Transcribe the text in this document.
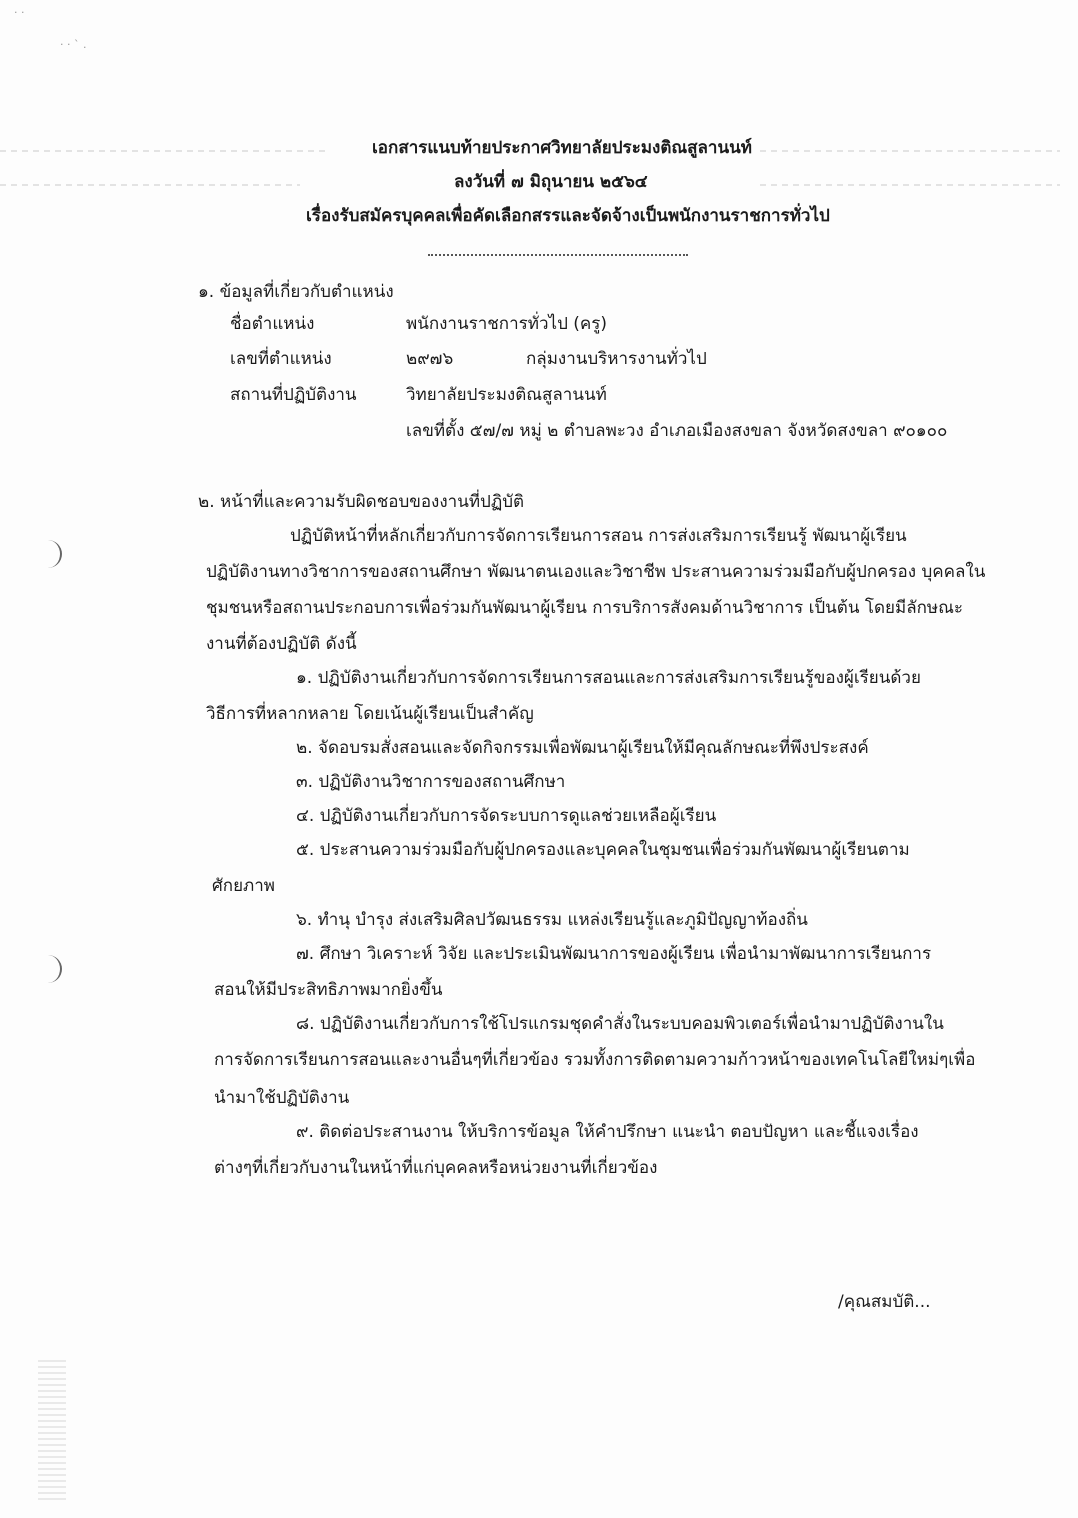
· ·
· · ` .
เอกสารแนบท้ายประกาศวิทยาลัยประมงติณสูลานนท์
ลงวันที่ ๗ มิถุนายน ๒๕๖๔
เรื่องรับสมัครบุคคลเพื่อคัดเลือกสรรและจัดจ้างเป็นพนักงานราชการทั่วไป
๑. ข้อมูลที่เกี่ยวกับตำแหน่ง
ชื่อตำแหน่ง	พนักงานราชการทั่วไป (ครู)
เลขที่ตำแหน่ง	๒๙๗๖	กลุ่มงานบริหารงานทั่วไป
สถานที่ปฏิบัติงาน	วิทยาลัยประมงติณสูลานนท์
เลขที่ตั้ง ๕๗/๗ หมู่ ๒ ตำบลพะวง อำเภอเมืองสงขลา จังหวัดสงขลา ๙๐๑๐๐
๒. หน้าที่และความรับผิดชอบของงานที่ปฏิบัติ
ปฏิบัติหน้าที่หลักเกี่ยวกับการจัดการเรียนการสอน การส่งเสริมการเรียนรู้ พัฒนาผู้เรียน
ปฏิบัติงานทางวิชาการของสถานศึกษา พัฒนาตนเองและวิชาชีพ ประสานความร่วมมือกับผู้ปกครอง บุคคลใน
ชุมชนหรือสถานประกอบการเพื่อร่วมกันพัฒนาผู้เรียน การบริการสังคมด้านวิชาการ เป็นต้น โดยมีลักษณะ
งานที่ต้องปฏิบัติ ดังนี้
๑. ปฏิบัติงานเกี่ยวกับการจัดการเรียนการสอนและการส่งเสริมการเรียนรู้ของผู้เรียนด้วย
วิธีการที่หลากหลาย โดยเน้นผู้เรียนเป็นสำคัญ
๒. จัดอบรมสั่งสอนและจัดกิจกรรมเพื่อพัฒนาผู้เรียนให้มีคุณลักษณะที่พึงประสงค์
๓. ปฏิบัติงานวิชาการของสถานศึกษา
๔. ปฏิบัติงานเกี่ยวกับการจัดระบบการดูแลช่วยเหลือผู้เรียน
๕. ประสานความร่วมมือกับผู้ปกครองและบุคคลในชุมชนเพื่อร่วมกันพัฒนาผู้เรียนตาม
ศักยภาพ
๖. ทำนุ บำรุง ส่งเสริมศิลปวัฒนธรรม แหล่งเรียนรู้และภูมิปัญญาท้องถิ่น
๗. ศึกษา วิเคราะห์ วิจัย และประเมินพัฒนาการของผู้เรียน เพื่อนำมาพัฒนาการเรียนการ
สอนให้มีประสิทธิภาพมากยิ่งขึ้น
๘. ปฏิบัติงานเกี่ยวกับการใช้โปรแกรมชุดคำสั่งในระบบคอมพิวเตอร์เพื่อนำมาปฏิบัติงานใน
การจัดการเรียนการสอนและงานอื่นๆที่เกี่ยวข้อง รวมทั้งการติดตามความก้าวหน้าของเทคโนโลยีใหม่ๆเพื่อ
นำมาใช้ปฏิบัติงาน
๙. ติดต่อประสานงาน ให้บริการข้อมูล ให้คำปรึกษา แนะนำ ตอบปัญหา และชี้แจงเรื่อง
ต่างๆที่เกี่ยวกับงานในหน้าที่แก่บุคคลหรือหน่วยงานที่เกี่ยวข้อง
/คุณสมบัติ...
